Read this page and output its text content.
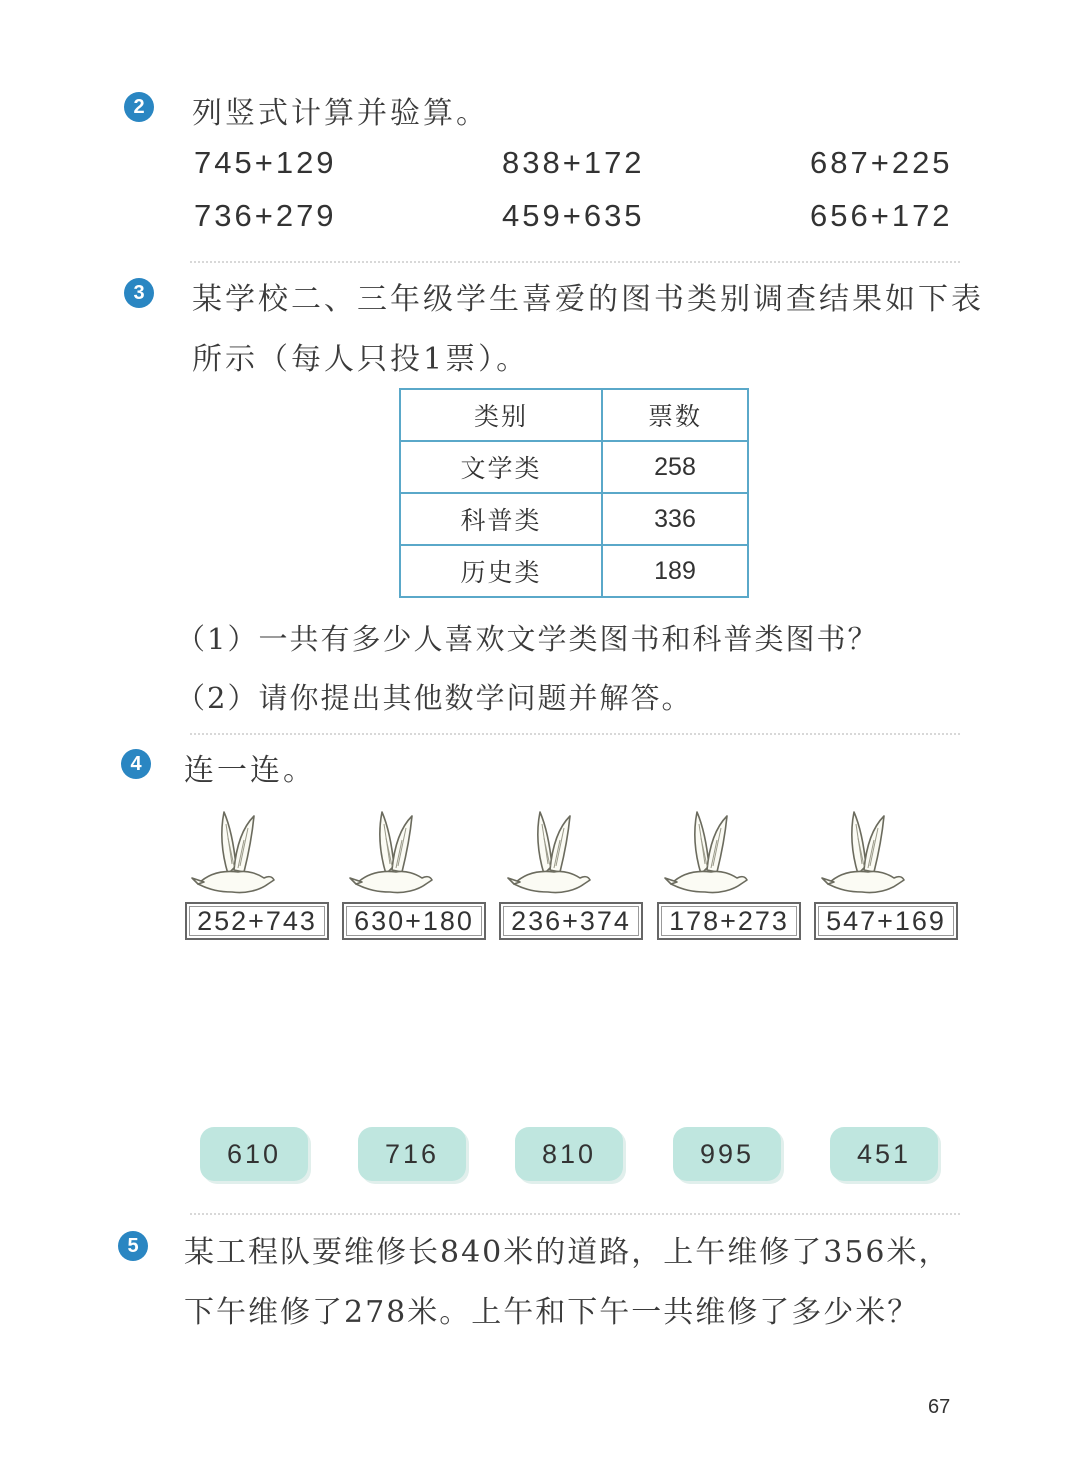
2	列竖式计算并验算。
745+129	838+172	687+225
736+279	459+635	656+172
3	某学校二、三年级学生喜爱的图书类别调查结果如下表
所示（每人只投1票）。
类别	票数
文学类	258
科普类	336
历史类	189
（1）一共有多少人喜欢文学类图书和科普类图书？
（2）请你提出其他数学问题并解答。
4	连一连。
252+743	630+180	236+374	178+273	547+169
610	716	810	995	451
5	某工程队要维修长840米的道路，上午维修了356米，
下午维修了278米。上午和下午一共维修了多少米？
67
